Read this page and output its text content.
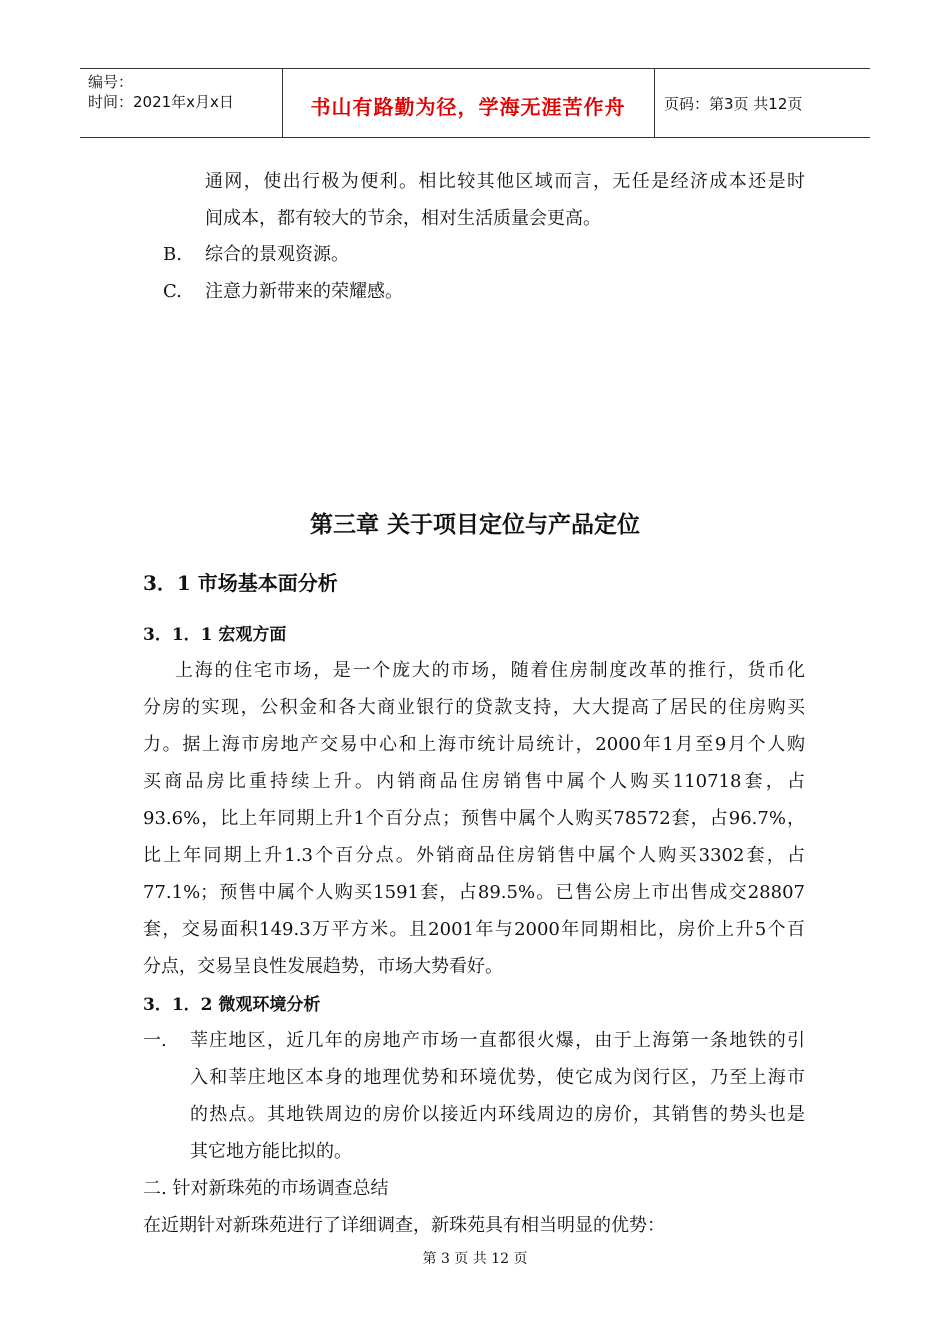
编号：
时间：2021年x月x日	书山有路勤为径，学海无涯苦作舟	页码：第3页 共12页
通网，使出行极为便利。相比较其他区域而言，无任是经济成本还是时
间成本，都有较大的节余，相对生活质量会更高。
B. 综合的景观资源。
C. 注意力新带来的荣耀感。
第三章 关于项目定位与产品定位
3．1 市场基本面分析
3．1．1 宏观方面
上海的住宅市场，是一个庞大的市场，随着住房制度改革的推行，货币化
分房的实现，公积金和各大商业银行的贷款支持，大大提高了居民的住房购买
力。据上海市房地产交易中心和上海市统计局统计，2000年1月至9月个人购
买商品房比重持续上升。内销商品住房销售中属个人购买110718套，占
93.6%，比上年同期上升1个百分点；预售中属个人购买78572套，占96.7%，
比上年同期上升1.3个百分点。外销商品住房销售中属个人购买3302套，占
77.1%；预售中属个人购买1591套，占89.5%。已售公房上市出售成交28807
套，交易面积149.3万平方米。且2001年与2000年同期相比，房价上升5个百
分点，交易呈良性发展趋势，市场大势看好。
3．1．2 微观环境分析
一. 莘庄地区，近几年的房地产市场一直都很火爆，由于上海第一条地铁的引
入和莘庄地区本身的地理优势和环境优势，使它成为闵行区，乃至上海市
的热点。其地铁周边的房价以接近内环线周边的房价，其销售的势头也是
其它地方能比拟的。
二. 针对新珠苑的市场调查总结
在近期针对新珠苑进行了详细调查，新珠苑具有相当明显的优势：
第 3 页 共 12 页
